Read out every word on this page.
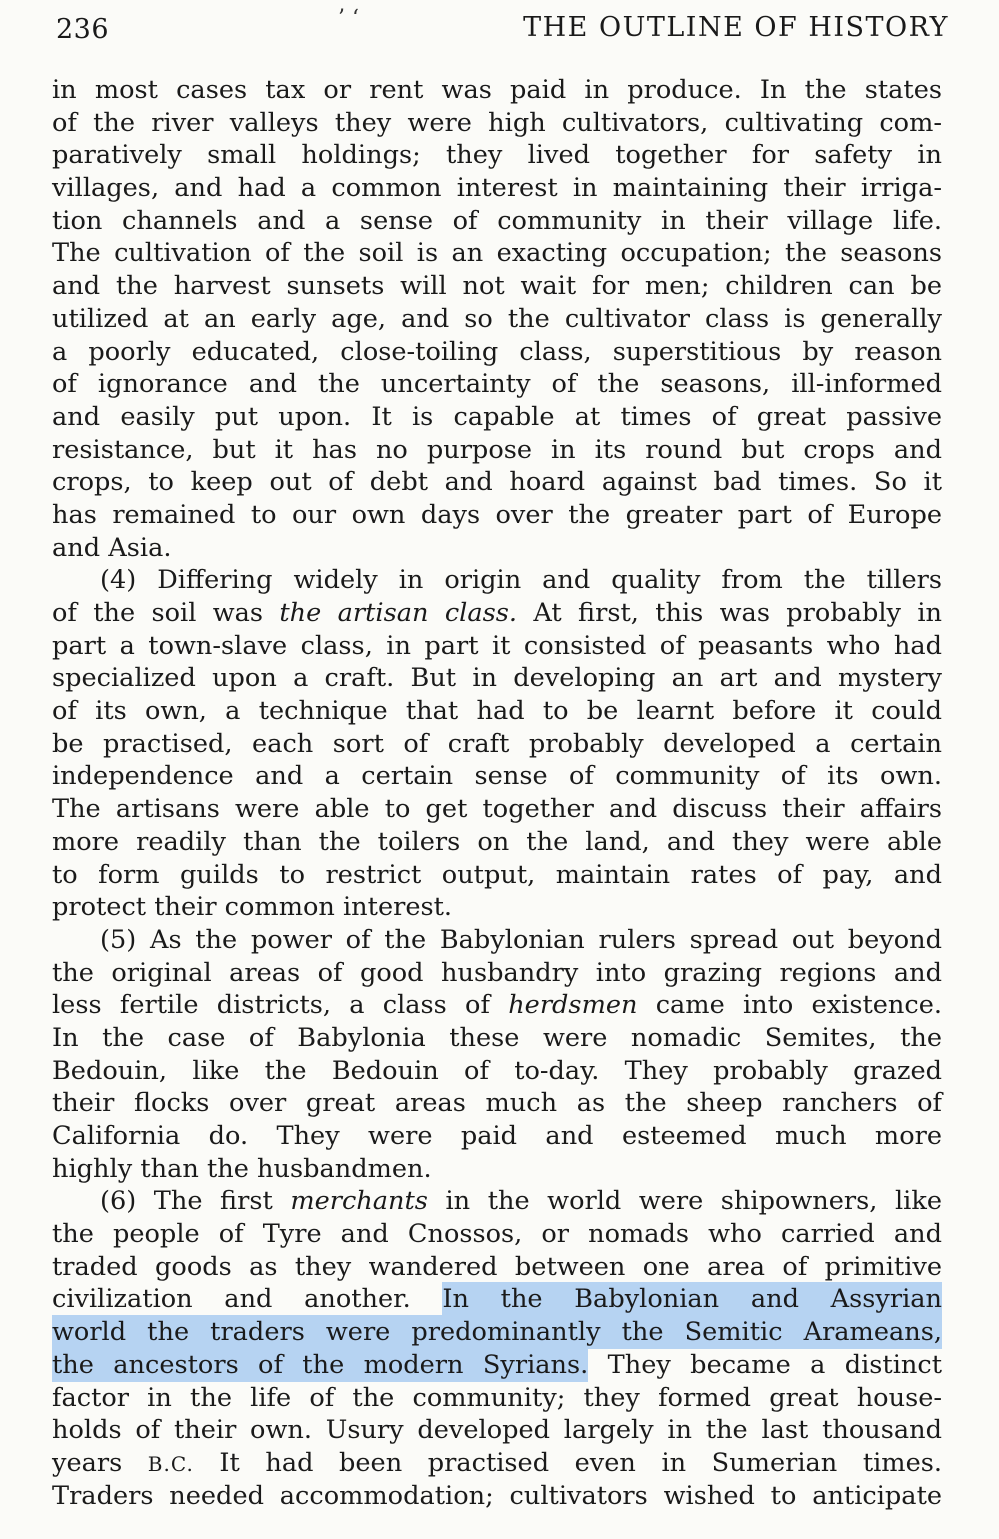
236	’ ‘	THE OUTLINE OF HISTORY
in most cases tax or rent was paid in produce. In the states
of the river valleys they were high cultivators, cultivating com-
paratively small holdings; they lived together for safety in
villages, and had a common interest in maintaining their irriga-
tion channels and a sense of community in their village life.
The cultivation of the soil is an exacting occupation; the seasons
and the harvest sunsets will not wait for men; children can be
utilized at an early age, and so the cultivator class is generally
a poorly educated, close-toiling class, superstitious by reason
of ignorance and the uncertainty of the seasons, ill-informed
and easily put upon. It is capable at times of great passive
resistance, but it has no purpose in its round but crops and
crops, to keep out of debt and hoard against bad times. So it
has remained to our own days over the greater part of Europe
and Asia.
(4) Differing widely in origin and quality from the tillers
of the soil was the artisan class. At first, this was probably in
part a town-slave class, in part it consisted of peasants who had
specialized upon a craft. But in developing an art and mystery
of its own, a technique that had to be learnt before it could
be practised, each sort of craft probably developed a certain
independence and a certain sense of community of its own.
The artisans were able to get together and discuss their affairs
more readily than the toilers on the land, and they were able
to form guilds to restrict output, maintain rates of pay, and
protect their common interest.
(5) As the power of the Babylonian rulers spread out beyond
the original areas of good husbandry into grazing regions and
less fertile districts, a class of herdsmen came into existence.
In the case of Babylonia these were nomadic Semites, the
Bedouin, like the Bedouin of to-day. They probably grazed
their flocks over great areas much as the sheep ranchers of
California do. They were paid and esteemed much more
highly than the husbandmen.
(6) The first merchants in the world were shipowners, like
the people of Tyre and Cnossos, or nomads who carried and
traded goods as they wandered between one area of primitive
civilization and another. In the Babylonian and Assyrian
world the traders were predominantly the Semitic Arameans,
the ancestors of the modern Syrians. They became a distinct
factor in the life of the community; they formed great house-
holds of their own. Usury developed largely in the last thousand
years B.C. It had been practised even in Sumerian times.
Traders needed accommodation; cultivators wished to anticipate
